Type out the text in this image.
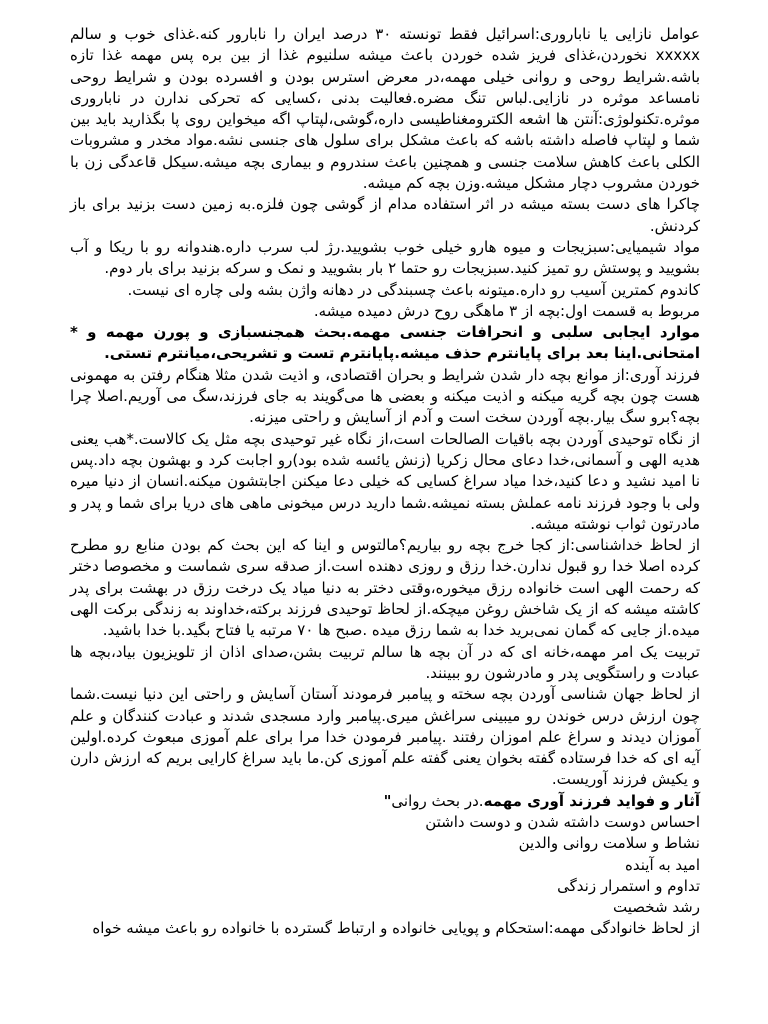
عوامل نازایی یا ناباروری:اسرائیل فقط تونسته ۳۰ درصد ایران را نابارور کنه.غذای خوب و سالم xxxxx نخوردن،غذای فریز شده خوردن باعث میشه سلنیوم غذا از بین بره پس مهمه غذا تازه باشه.شرایط روحی و روانی خیلی مهمه،در معرض استرس بودن و افسرده بودن و شرایط روحی نامساعد موثره در نازایی.لباس تنگ مضره.فعالیت بدنی ،کسایی که تحرکی ندارن در ناباروری موثره.تکنولوژی:آنتن ها اشعه الکترومغناطیسی داره،گوشی،لپتاپ اگه میخواین روی پا بگذارید باید بین شما و لپتاپ فاصله داشته باشه که باعث مشکل برای سلول های جنسی نشه.مواد مخدر و مشروبات الکلی باعث کاهش سلامت جنسی و همچنین باعث سندروم و بیماری بچه میشه.سیکل قاعدگی زن با خوردن مشروب دچار مشکل میشه.وزن بچه کم میشه.

چاکرا های دست بسته میشه در اثر استفاده مدام از گوشی چون فلزه.به زمین دست بزنید برای باز کردنش.

مواد شیمیایی:سبزیجات و میوه هارو خیلی خوب بشویید.رژ لب سرب داره.هندوانه رو با ریکا و آب بشویید و پوستش رو تمیز کنید.سبزیجات رو حتما ۲ بار بشویید و نمک و سرکه بزنید برای بار دوم.

کاندوم کمترین آسیب رو داره.میتونه باعث چسبندگی در دهانه واژن بشه ولی چاره ای نیست.

مربوط به قسمت اول:بچه از ۳ ماهگی روح درش دمیده میشه.

موارد ایجابی سلبی و انحرافات جنسی مهمه.بحث همجنسبازی و پورن مهمه و * امتحانی.اینا بعد برای پایانترم حذف میشه.پایانترم تست و تشریحی،میانترم تستی.

فرزند آوری:از موانع بچه دار شدن شرایط و بحران اقتصادی، و اذیت شدن مثلا هنگام رفتن به مهمونی هست چون بچه گریه میکنه و اذیت میکنه و بعضی ها می‌گویند به جای فرزند،سگ می آوریم.اصلا چرا بچه؟برو سگ بیار.بچه آوردن سخت است و آدم از آسایش و راحتی میزنه.

از نگاه توحیدی آوردن بچه باقیات الصالحات است،از نگاه غیر توحیدی بچه مثل یک کالاست.*هب یعنی هدیه الهی و آسمانی،خدا دعای محال زکریا (زنش یائسه شده بود)رو اجابت کرد و بهشون بچه داد.پس نا امید نشید و دعا کنید،خدا میاد سراغ کسایی که خیلی دعا میکنن اجابتشون میکنه.انسان از دنیا میره ولی با وجود فرزند نامه عملش بسته نمیشه.شما دارید درس میخونی ماهی های دریا برای شما و پدر و مادرتون ثواب نوشته میشه.

از لحاظ خداشناسی:از کجا خرج بچه رو بیاریم؟مالتوس و اینا که این بحث کم بودن منابع رو مطرح کرده اصلا خدا رو قبول ندارن.خدا رزق و روزی دهنده است.از صدقه سری شماست و مخصوصا دختر که رحمت الهی است خانواده رزق میخوره،وقتی دختر به دنیا میاد یک درخت رزق در بهشت برای پدر کاشته میشه که از یک شاخش روغن میچکه.از لحاظ توحیدی فرزند برکته،خداوند به زندگی برکت الهی میده.از جایی که گمان نمی‌برید خدا به شما رزق میده .صبح ها ۷۰ مرتبه یا فتاح بگید.با خدا باشید.

تربیت یک امر مهمه،خانه ای که در آن بچه ها سالم تربیت بشن،صدای اذان از تلویزیون بیاد،بچه ها عبادت و راستگویی پدر و مادرشون رو ببینند.

از لحاظ جهان شناسی آوردن بچه سخته و پیامبر فرمودند آستان آسایش و راحتی این دنیا نیست.شما چون ارزش درس خوندن رو میبینی سراغش میری.پیامبر وارد مسجدی شدند و عبادت کنندگان و علم آموزان دیدند و سراغ علم اموزان رفتند .پیامبر فرمودن خدا مرا برای علم آموزی مبعوث کرده.اولین آیه ای که خدا فرستاده گفته بخوان یعنی گفته علم آموزی کن.ما باید سراغ کارایی بریم که ارزش دارن و یکیش فرزند آوریست.

آثار و فواید فرزند آوری مهمه.در بحث روانی"

احساس دوست داشته شدن و دوست داشتن

نشاط و سلامت روانی والدین

امید به آینده

تداوم و استمرار زندگی

رشد شخصیت

از لحاظ خانوادگی مهمه:استحکام و پویایی خانواده و ارتباط گسترده با خانواده رو باعث میشه خواه
